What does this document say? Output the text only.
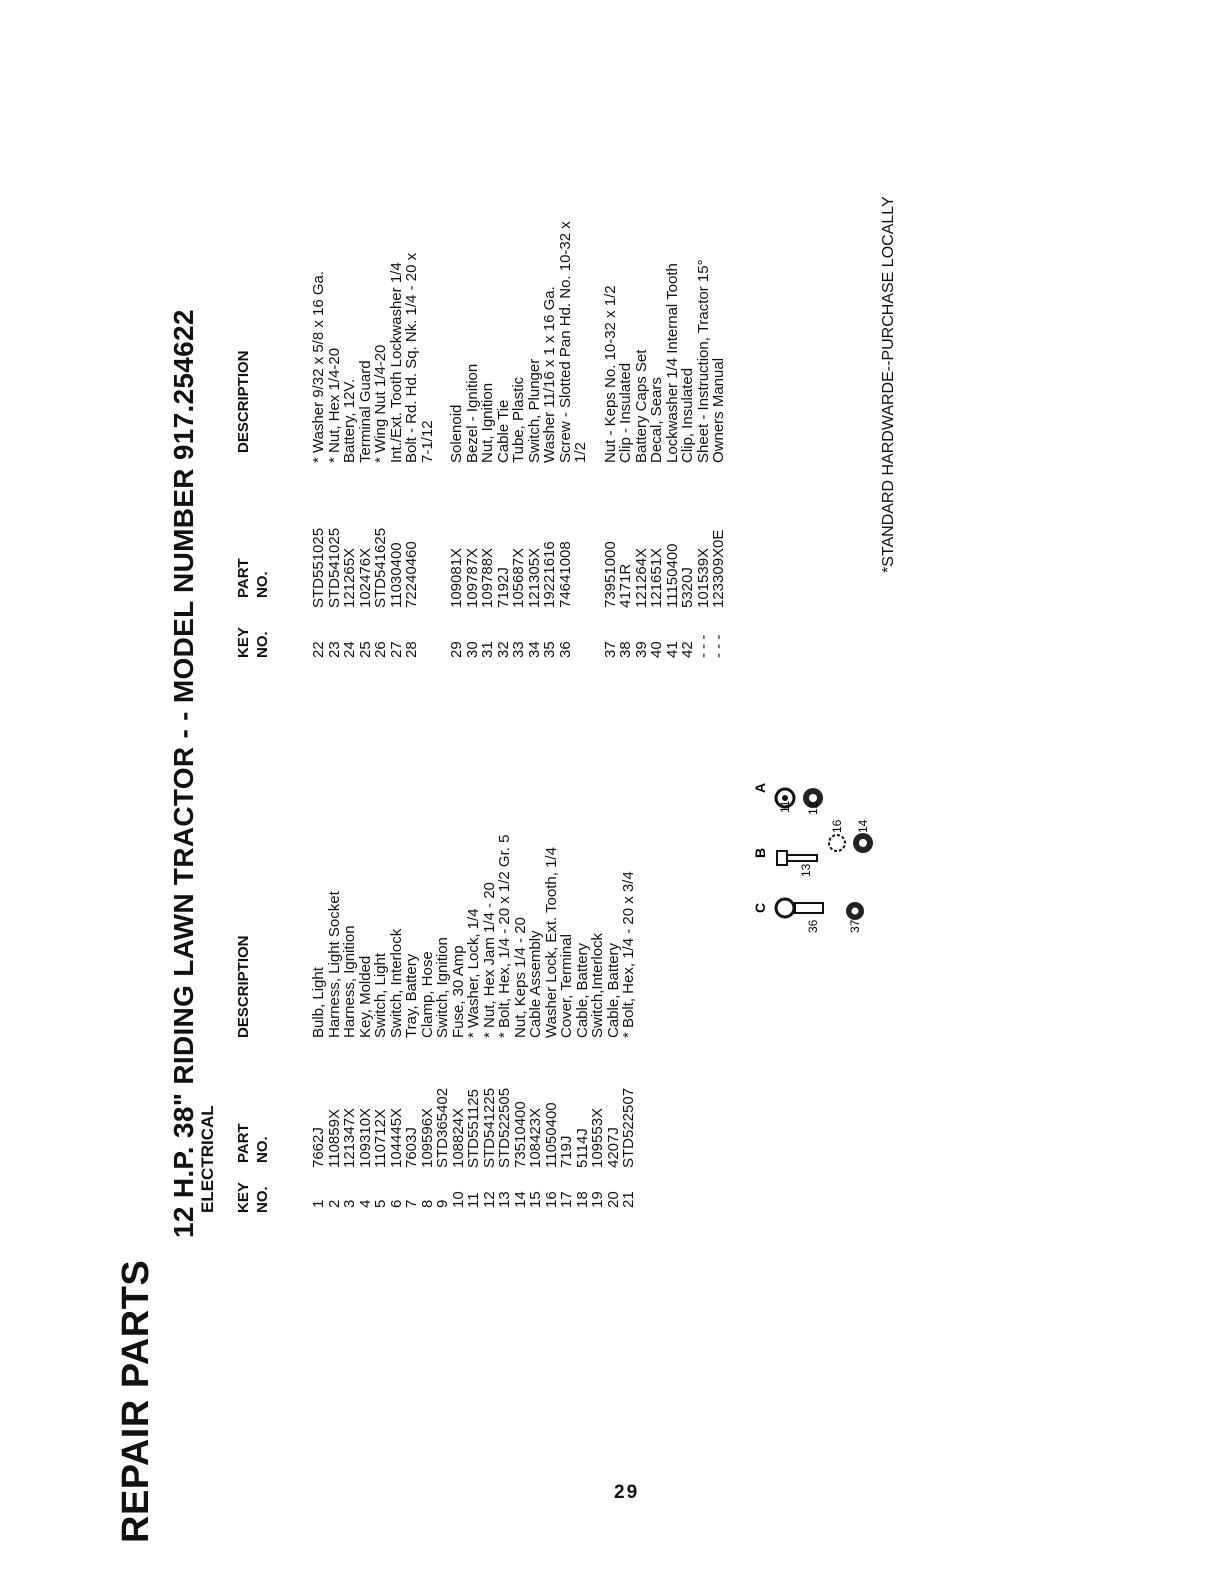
REPAIR PARTS
12 H.P. 38" RIDING LAWN TRACTOR - - MODEL NUMBER 917.254622 ELECTRICAL
*STANDARD HARDWARDE--PURCHASE LOCALLY
A
B
C
11 12
13
16 14
36 37
KEY NO.
PART NO.
DESCRIPTION
KEY NO.
PART NO.
DESCRIPTION
1
7662J
Bulb, Light
2
110859X
Harness, Light Socket
3
121347X
Harness, Ignition
4
109310X
Key, Molded
5
110712X
Switch, Light
6
104445X
Switch, Interlock
7
7603J
Tray, Battery
8
109596X
Clamp, Hose
9
STD365402
Switch, Ignition
10
108824X
Fuse, 30 Amp
11
STD551125
* Washer, Lock, 1/4
12
STD541225
* Nut, Hex Jam 1/4 - 20
13
STD522505
* Bolt, Hex, 1/4 - 20 x 1/2 Gr. 5
14
73510400
Nut, Keps 1/4 - 20
15
108423X
Cable Assembly
16
11050400
Washer Lock, Ext. Tooth, 1/4
17
719J
Cover, Terminal
18
5114J
Cable, Battery
19
109553X
Switch,Interlock
20
4207J
Cable, Battery
21
STD522507
* Bolt, Hex, 1/4 - 20 x 3/4
22
STD551025
* Washer 9/32 x 5/8 x 16 Ga.
23
STD541025
* Nut, Hex 1/4-20
24
121265X
Battery, 12V.
25
102476X
Terminal Guard
26
STD541625
* Wing Nut 1/4-20
27
11030400
Int./Ext. Tooth Lockwasher 1/4
28
72240460
Bolt - Rd. Hd. Sq. Nk. 1/4 - 20 x
7-1/12
29
109081X
Solenoid
30
109787X
Bezel - Ignition
31
109788X
Nut, Ignition
32
7192J
Cable Tie
33
105687X
Tube, Plastic
34
121305X
Switch, Plunger
35
19221616
Washer 11/16 x 1 x 16 Ga.
36
74641008
Screw - Slotted Pan Hd. No. 10-32 x
1/2
37
73951000
Nut - Keps No. 10-32 x 1/2
38
4171R
Clip - Insulated
39
121264X
Battery Caps Set
40
121651X
Decal, Sears
41
11150400
Lockwasher 1/4 Internal Tooth
42
5320J
Clip, Insulated
- - -
101539X
Sheet - Instruction, Tractor 15°
- - -
123309X0E
Owners Manual
29
